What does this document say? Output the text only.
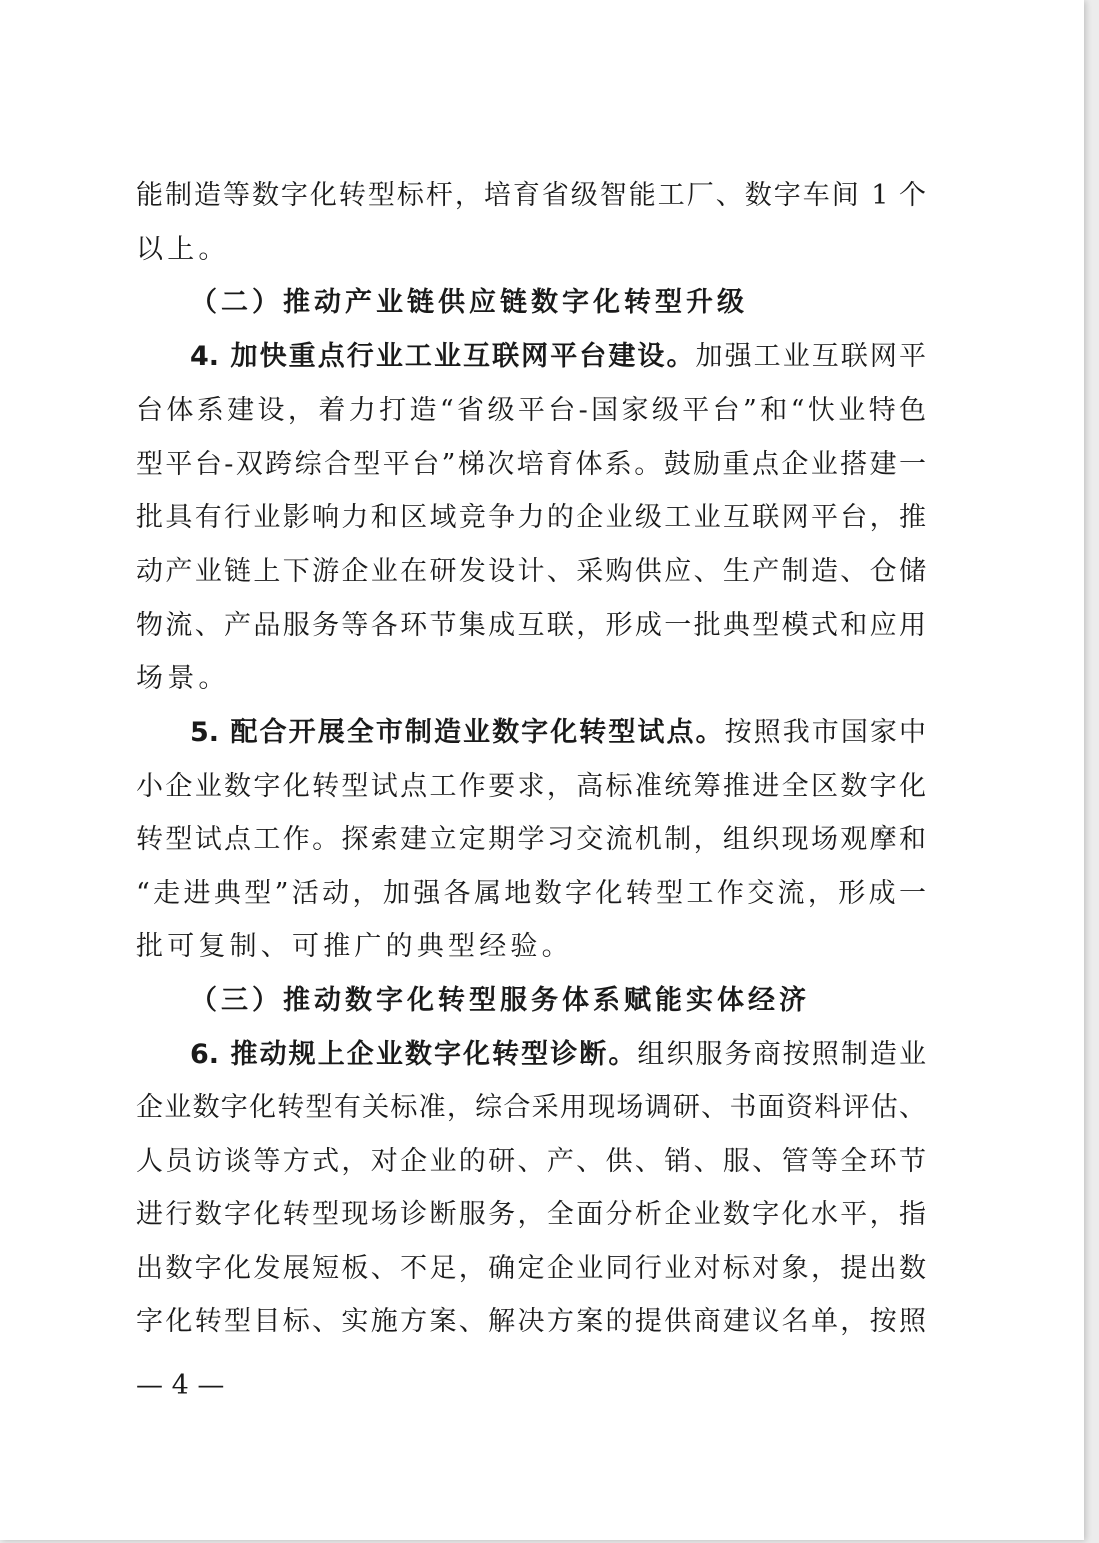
能制造等数字化转型标杆，培育省级智能工厂、数字车间 1 个
以上。
（二）推动产业链供应链数字化转型升级
4. 加快重点行业工业互联网平台建设。加强工业互联网平
台体系建设，着力打造“省级平台-国家级平台”和“忕业特色
型平台-双跨综合型平台”梯次培育体系。鼓励重点企业搭建一
批具有行业影响力和区域竞争力的企业级工业互联网平台，推
动产业链上下游企业在研发设计、采购供应、生产制造、仓储
物流、产品服务等各环节集成互联，形成一批典型模式和应用
场景。
5. 配合开展全市制造业数字化转型试点。按照我市国家中
小企业数字化转型试点工作要求，高标准统筹推进全区数字化
转型试点工作。探索建立定期学习交流机制，组织现场观摩和
“走进典型”活动，加强各属地数字化转型工作交流，形成一
批可复制、可推广的典型经验。
（三）推动数字化转型服务体系赋能实体经济
6. 推动规上企业数字化转型诊断。组织服务商按照制造业
企业数字化转型有关标准，综合采用现场调研、书面资料评估、
人员访谈等方式，对企业的研、产、供、销、服、管等全环节
进行数字化转型现场诊断服务，全面分析企业数字化水平，指
出数字化发展短板、不足，确定企业同行业对标对象，提出数
字化转型目标、实施方案、解决方案的提供商建议名单，按照
— 4 —
